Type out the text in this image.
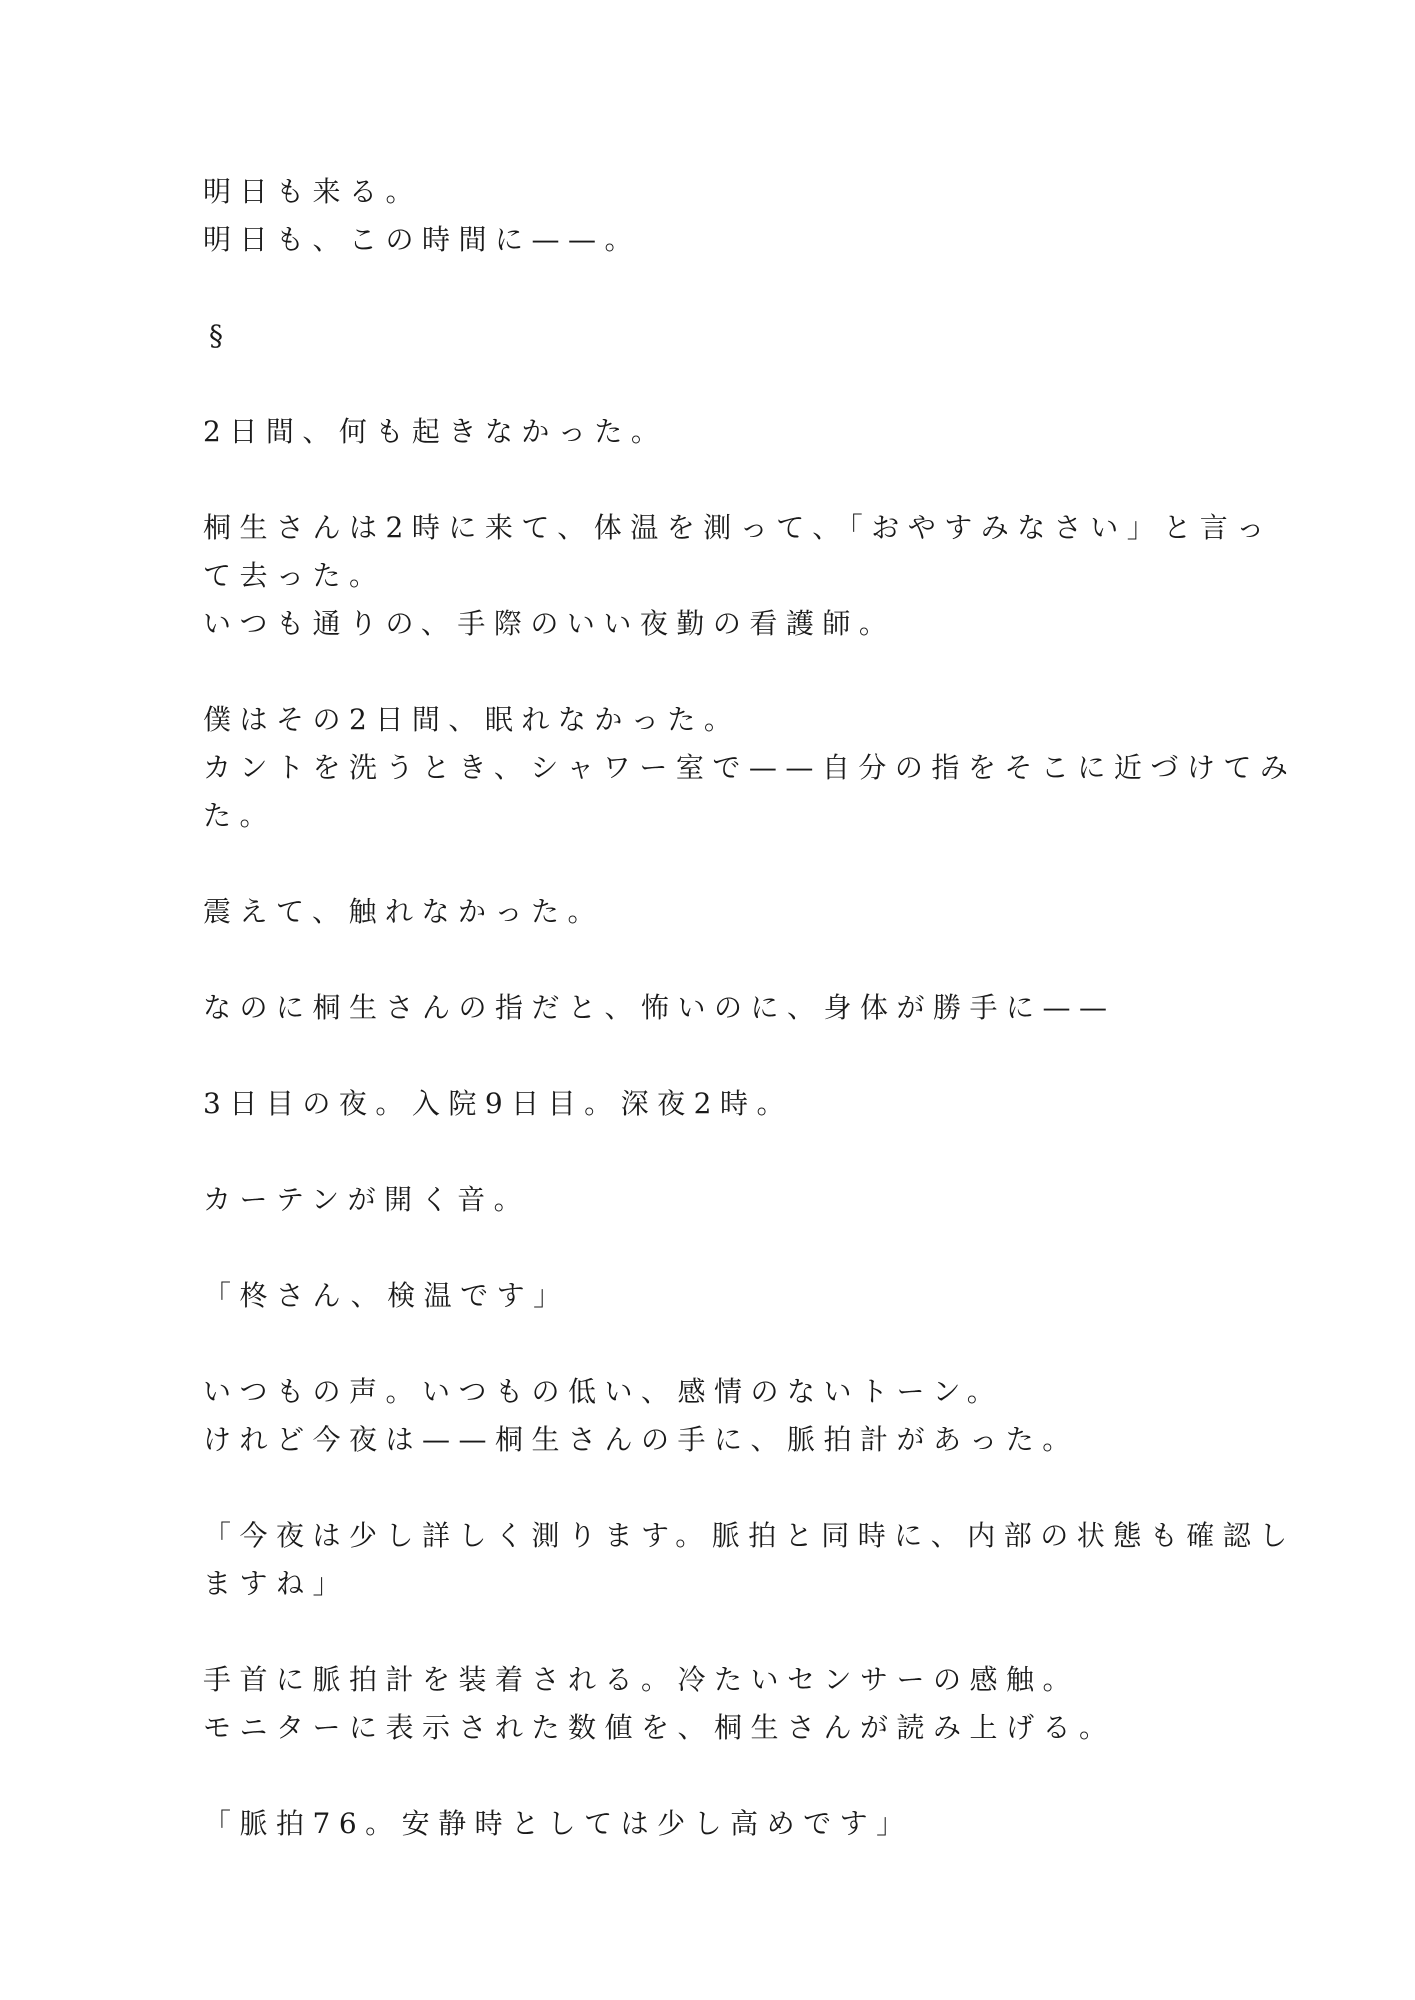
明日も来る。
明日も、この時間に——。

§

2日間、何も起きなかった。

桐生さんは2時に来て、体温を測って、「おやすみなさい」と言っ
て去った。
いつも通りの、手際のいい夜勤の看護師。

僕はその2日間、眠れなかった。
カントを洗うとき、シャワー室で——自分の指をそこに近づけてみ
た。

震えて、触れなかった。

なのに桐生さんの指だと、怖いのに、身体が勝手に——

3日目の夜。入院9日目。深夜2時。

カーテンが開く音。

「柊さん、検温です」

いつもの声。いつもの低い、感情のないトーン。
けれど今夜は——桐生さんの手に、脈拍計があった。

「今夜は少し詳しく測ります。脈拍と同時に、内部の状態も確認し
ますね」

手首に脈拍計を装着される。冷たいセンサーの感触。
モニターに表示された数値を、桐生さんが読み上げる。

「脈拍76。安静時としては少し高めです」
